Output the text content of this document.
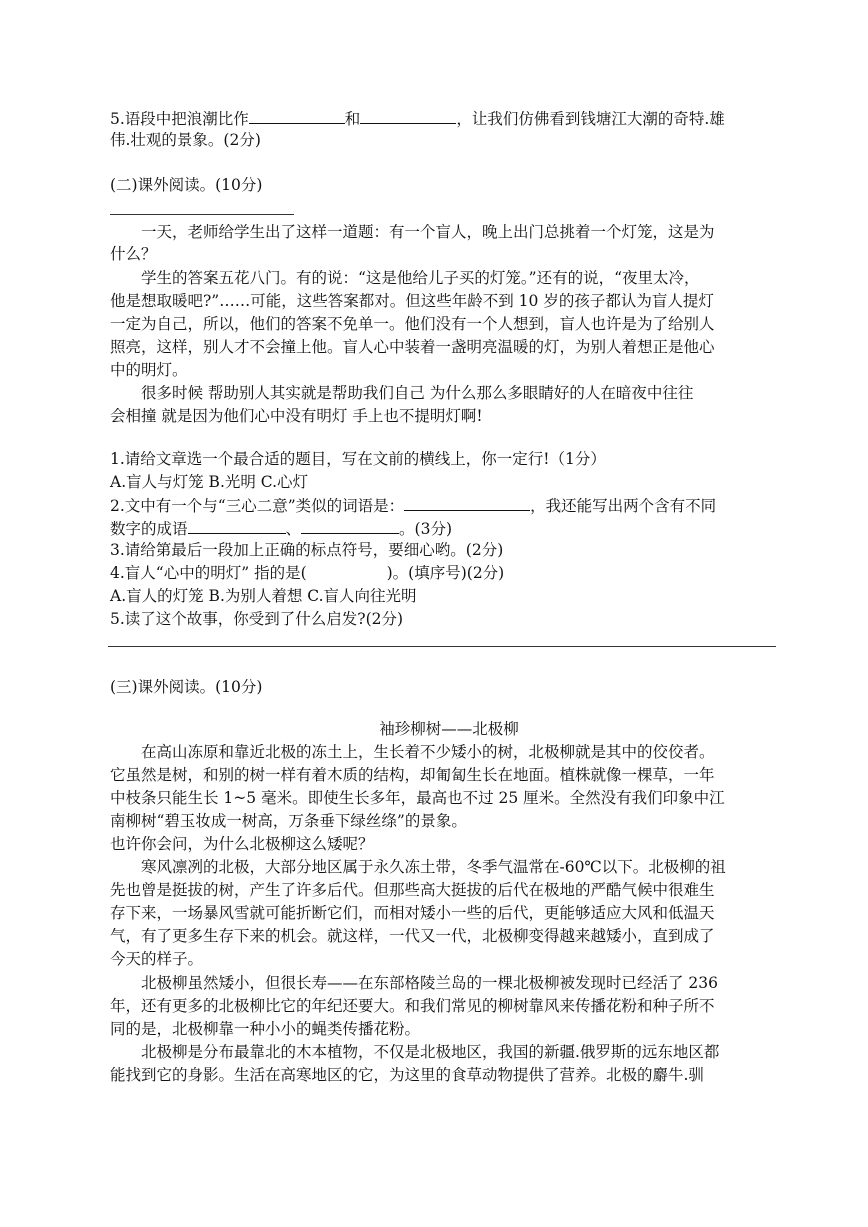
5.语段中把浪潮比作	和	，让我们仿佛看到钱塘江大潮的奇特.雄
伟.壮观的景象。(2分)
(二)课外阅读。(10分)
一天，老师给学生出了这样一道题：有一个盲人，晚上出门总挑着一个灯笼，这是为
什么？
学生的答案五花八门。有的说：“这是他给儿子买的灯笼。”还有的说，“夜里太冷，
他是想取暖吧?”……可能，这些答案都对。但这些年龄不到 10 岁的孩子都认为盲人提灯
一定为自己，所以，他们的答案不免单一。他们没有一个人想到，盲人也许是为了给别人
照亮，这样，别人才不会撞上他。盲人心中装着一盏明亮温暖的灯，为别人着想正是他心
中的明灯。
很多时候 帮助别人其实就是帮助我们自己 为什么那么多眼睛好的人在暗夜中往往
会相撞 就是因为他们心中没有明灯 手上也不提明灯啊!
1.请给文章选一个最合适的题目，写在文前的横线上，你一定行!（1分）
A.盲人与灯笼 B.光明 C.心灯
2.文中有一个与“三心二意”类似的词语是：	，我还能写出两个含有不同
数字的成语	、	。(3分)
3.请给第最后一段加上正确的标点符号，要细心哟。(2分)
4.盲人“心中的明灯” 指的是(	)。(填序号)(2分)
A.盲人的灯笼 B.为别人着想 C.盲人向往光明
5.读了这个故事，你受到了什么启发?(2分)
(三)课外阅读。(10分)
袖珍柳树——北极柳
在高山冻原和靠近北极的冻土上，生长着不少矮小的树，北极柳就是其中的佼佼者。
它虽然是树，和别的树一样有着木质的结构，却匍匐生长在地面。植株就像一棵草，一年
中枝条只能生长 1~5 毫米。即使生长多年，最高也不过 25 厘米。全然没有我们印象中江
南柳树“碧玉妆成一树高，万条垂下绿丝绦”的景象。
也许你会问，为什么北极柳这么矮呢？
寒风凛冽的北极，大部分地区属于永久冻土带，冬季气温常在-60℃以下。北极柳的祖
先也曾是挺拔的树，产生了许多后代。但那些高大挺拔的后代在极地的严酷气候中很难生
存下来，一场暴风雪就可能折断它们，而相对矮小一些的后代，更能够适应大风和低温天
气，有了更多生存下来的机会。就这样，一代又一代，北极柳变得越来越矮小，直到成了
今天的样子。
北极柳虽然矮小，但很长寿——在东部格陵兰岛的一棵北极柳被发现时已经活了 236
年，还有更多的北极柳比它的年纪还要大。和我们常见的柳树靠风来传播花粉和种子所不
同的是，北极柳靠一种小小的蝇类传播花粉。
北极柳是分布最靠北的木本植物，不仅是北极地区，我国的新疆.俄罗斯的远东地区都
能找到它的身影。生活在高寒地区的它，为这里的食草动物提供了营养。北极的麝牛.驯
